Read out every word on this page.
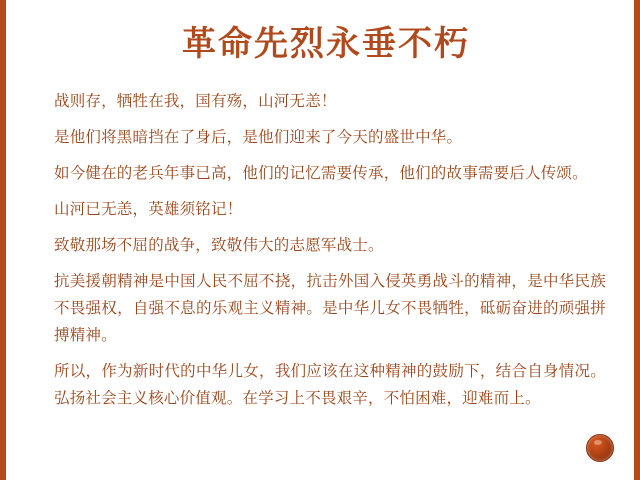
革命先烈永垂不朽

战则存，牺牲在我，国有殇，山河无恙！

是他们将黑暗挡在了身后，是他们迎来了今天的盛世中华。

如今健在的老兵年事已高，他们的记忆需要传承，他们的故事需要后人传颂。

山河已无恙，英雄须铭记！

致敬那场不屈的战争，致敬伟大的志愿军战士。

抗美援朝精神是中国人民不屈不挠，抗击外国入侵英勇战斗的精神，是中华民族不畏强权，自强不息的乐观主义精神。是中华儿女不畏牺牲，砥砺奋进的顽强拼搏精神。

所以，作为新时代的中华儿女，我们应该在这种精神的鼓励下，结合自身情况。弘扬社会主义核心价值观。在学习上不畏艰辛，不怕困难，迎难而上。
